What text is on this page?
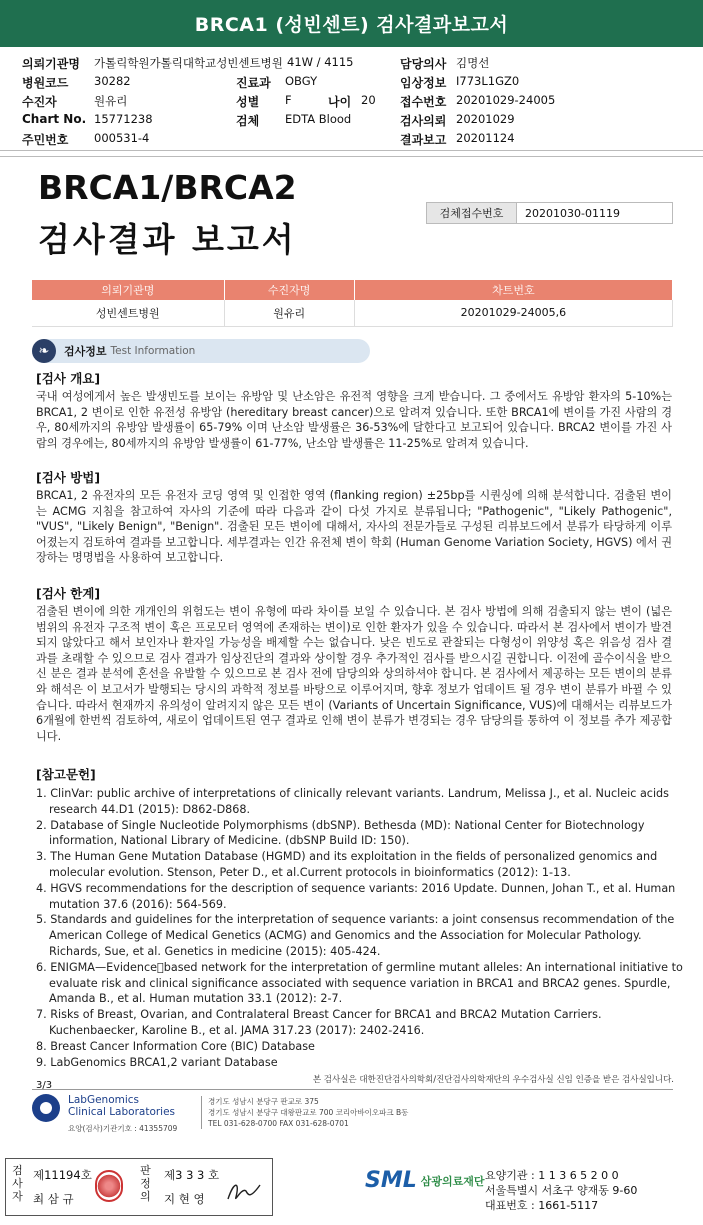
BRCA1 (성빈센트) 검사결과보고서
의뢰기관명 가톨릭학원가톨릭대학교성빈센트병원 41W / 4115	담당의사 김명선
병원코드 30282	진료과 OBGY	임상정보 I773L1GZ0
수진자	원유리	성별 F	나이 20 접수번호 20201029-24005
Chart No. 15771238	검체 EDTA Blood	검사의뢰 20201029
주민번호 000531-4	결과보고 20201124
BRCA1/BRCA2
검사결과 보고서
검체접수번호	20201030-01119
의뢰기관명	수진자명	차트번호
성빈센트병원	원유리	20201029-24005,6
❧	검사정보 Test Information
[검사 개요]

국내 여성에게서 높은 발생빈도를 보이는 유방암 및 난소암은 유전적 영향을 크게 받습니다. 그 중에서도 유방암 환자의 5-10%는 BRCA1, 2 변이로 인한 유전성 유방암 (hereditary breast cancer)으로 알려져 있습니다. 또한 BRCA1에 변이를 가진 사람의 경우, 80세까지의 유방암 발생률이 65-79% 이며 난소암 발생률은 36-53%에 달한다고 보고되어 있습니다. BRCA2 변이를 가진 사람의 경우에는, 80세까지의 유방암 발생률이 61-77%, 난소암 발생률은 11-25%로 알려져 있습니다.

[검사 방법]

BRCA1, 2 유전자의 모든 유전자 코딩 영역 및 인접한 영역 (flanking region) ±25bp를 시퀀싱에 의해 분석합니다. 검출된 변이는 ACMG 지침을 참고하여 자사의 기준에 따라 다음과 같이 다섯 가지로 분류됩니다; "Pathogenic", "Likely Pathogenic", "VUS", "Likely Benign", "Benign". 검출된 모든 변이에 대해서, 자사의 전문가들로 구성된 리뷰보드에서 분류가 타당하게 이루어졌는지 검토하여 결과를 보고합니다. 세부결과는 인간 유전체 변이 학회 (Human Genome Variation Society, HGVS) 에서 권장하는 명명법을 사용하여 보고합니다.

[검사 한계]

검출된 변이에 의한 개개인의 위험도는 변이 유형에 따라 차이를 보일 수 있습니다. 본 검사 방법에 의해 검출되지 않는 변이 (넓은 범위의 유전자 구조적 변이 혹은 프로모터 영역에 존재하는 변이)로 인한 환자가 있을 수 있습니다. 따라서 본 검사에서 변이가 발견되지 않았다고 해서 보인자나 환자일 가능성을 배제할 수는 없습니다. 낮은 빈도로 관찰되는 다형성이 위양성 혹은 위음성 검사 결과를 초래할 수 있으므로 검사 결과가 임상진단의 결과와 상이할 경우 추가적인 검사를 받으시길 권합니다. 이전에 골수이식을 받으신 분은 결과 분석에 혼선을 유발할 수 있으므로 본 검사 전에 담당의와 상의하셔야 합니다. 본 검사에서 제공하는 모든 변이의 분류와 해석은 이 보고서가 발행되는 당시의 과학적 정보를 바탕으로 이루어지며, 향후 정보가 업데이트 될 경우 변이 분류가 바뀔 수 있습니다. 따라서 현재까지 유의성이 알려지지 않은 모든 변이 (Variants of Uncertain Significance, VUS)에 대해서는 리뷰보드가 6개월에 한번씩 검토하여, 새로이 업데이트된 연구 결과로 인해 변이 분류가 변경되는 경우 담당의를 통하여 이 정보를 추가 제공합니다.

[참고문헌]
1. ClinVar: public archive of interpretations of clinically relevant variants. Landrum, Melissa J., et al. Nucleic acids research 44.D1 (2015): D862-D868.
2. Database of Single Nucleotide Polymorphisms (dbSNP). Bethesda (MD): National Center for Biotechnology information, National Library of Medicine. (dbSNP Build ID: 150).
3. The Human Gene Mutation Database (HGMD) and its exploitation in the fields of personalized genomics and molecular evolution. Stenson, Peter D., et al.Current protocols in bioinformatics (2012): 1-13.
4. HGVS recommendations for the description of sequence variants: 2016 Update. Dunnen, Johan T., et al. Human mutation 37.6 (2016): 564-569.
5. Standards and guidelines for the interpretation of sequence variants: a joint consensus recommendation of the American College of Medical Genetics (ACMG) and Genomics and the Association for Molecular Pathology. Richards, Sue, et al. Genetics in medicine (2015): 405-424.
6. ENIGMA—Evidence􀀀based network for the interpretation of germline mutant alleles: An international initiative to evaluate risk and clinical significance associated with sequence variation in BRCA1 and BRCA2 genes. Spurdle, Amanda B., et al. Human mutation 33.1 (2012): 2-7.
7. Risks of Breast, Ovarian, and Contralateral Breast Cancer for BRCA1 and BRCA2 Mutation Carriers. Kuchenbaecker, Karoline B., et al. JAMA 317.23 (2017): 2402-2416.
8. Breast Cancer Information Core (BIC) Database
9. LabGenomics BRCA1,2 variant Database
본 검사실은 대한진단검사의학회/진단검사의학재단의 우수검사실 신임 인증을 받은 검사실입니다.
3/3
LabGenomics
Clinical Laboratories
요양(검사)기관기호 : 41355709
경기도 성남시 분당구 판교로 375
경기도 성남시 분당구 대왕판교로 700 코리아바이오파크 B동
TEL 031-628-0700 FAX 031-628-0701
검사자
제11194호
최 삼 규
판정의
제3 3 3 호
지 현 영
SML 삼광의료재단 요양기관 : 1 1 3 6 5 2 0 0
서울특별시 서초구 양재동 9-60
대표번호 : 1661-5117
